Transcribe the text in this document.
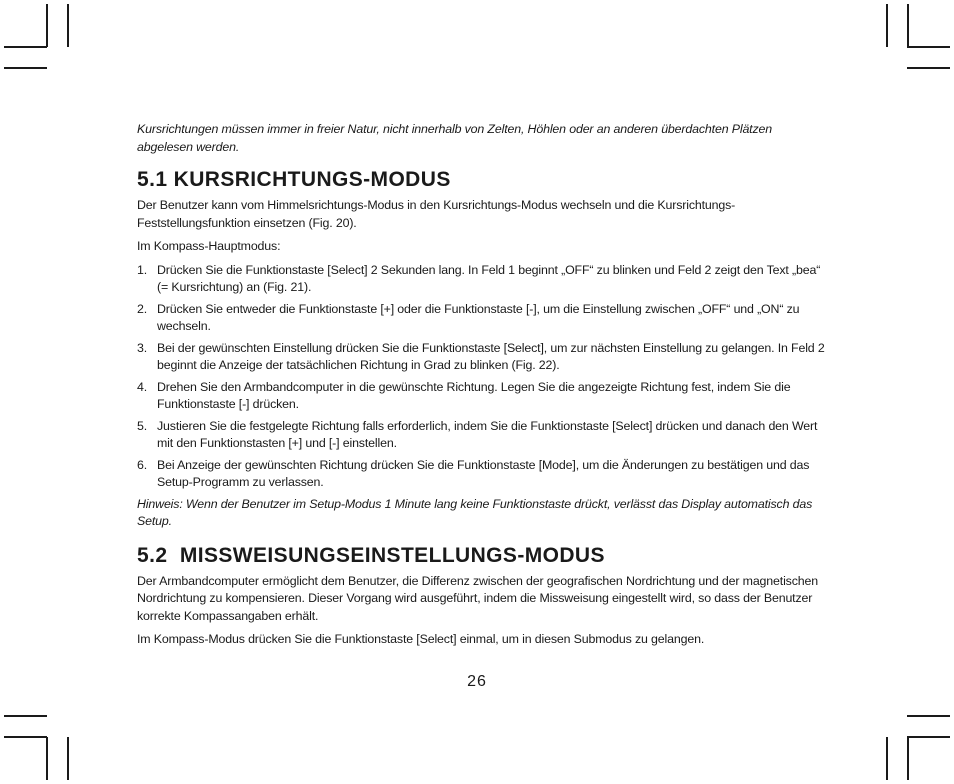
Kursrichtungen müssen immer in freier Natur, nicht innerhalb von Zelten, Höhlen oder an anderen überdachten Plätzen abgelesen werden.

5.1 KURSRICHTUNGS-MODUS

Der Benutzer kann vom Himmelsrichtungs-Modus in den Kursrichtungs-Modus wechseln und die Kursrichtungs-Feststellungsfunktion einsetzen (Fig. 20).

Im Kompass-Hauptmodus:

1. Drücken Sie die Funktionstaste [Select] 2 Sekunden lang. In Feld 1 beginnt „OFF“ zu blinken und Feld 2 zeigt den Text „bea“ (= Kursrichtung) an (Fig. 21).
2. Drücken Sie entweder die Funktionstaste [+] oder die Funktionstaste [-], um die Einstellung zwischen „OFF“ und „ON“ zu wechseln.
3. Bei der gewünschten Einstellung drücken Sie die Funktionstaste [Select], um zur nächsten Einstellung zu gelangen. In Feld 2 beginnt die Anzeige der tatsächlichen Richtung in Grad zu blinken (Fig. 22).
4. Drehen Sie den Armbandcomputer in die gewünschte Richtung. Legen Sie die angezeigte Richtung fest, indem Sie die Funktionstaste [-] drücken.
5. Justieren Sie die festgelegte Richtung falls erforderlich, indem Sie die Funktionstaste [Select] drücken und danach den Wert mit den Funktionstasten [+] und [-] einstellen.
6. Bei Anzeige der gewünschten Richtung drücken Sie die Funktionstaste [Mode], um die Änderungen zu bestätigen und das Setup-Programm zu verlassen.

Hinweis: Wenn der Benutzer im Setup-Modus 1 Minute lang keine Funktionstaste drückt, verlässt das Display automatisch das Setup.

5.2  MISSWEISUNGSEINSTELLUNGS-MODUS

Der Armbandcomputer ermöglicht dem Benutzer, die Differenz zwischen der geografischen Nordrichtung und der magnetischen Nordrichtung zu kompensieren. Dieser Vorgang wird ausgeführt, indem die Missweisung eingestellt wird, so dass der Benutzer korrekte Kompassangaben erhält.

Im Kompass-Modus drücken Sie die Funktionstaste [Select] einmal, um in diesen Submodus zu gelangen.

26
